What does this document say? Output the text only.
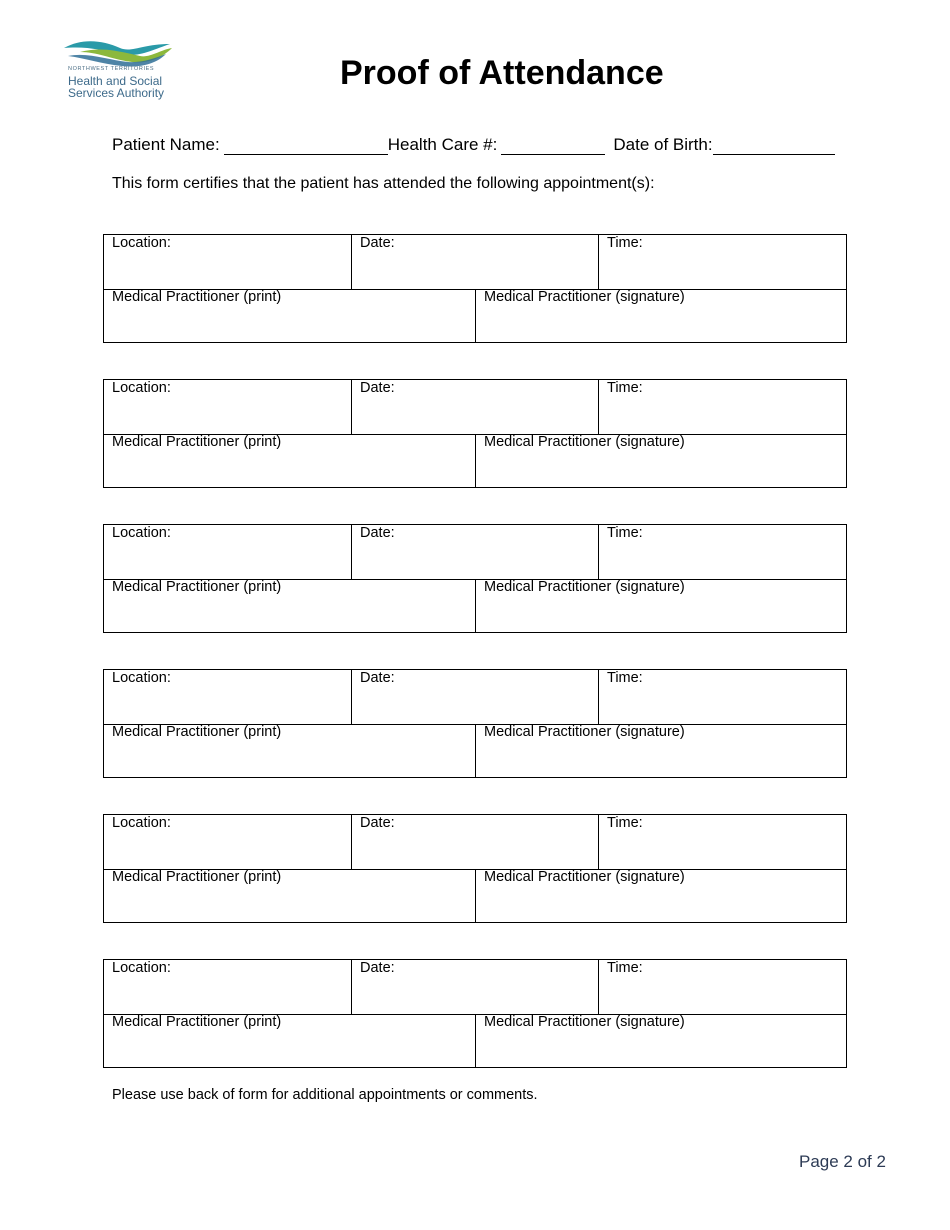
NORTHWEST TERRITORIES
Health and Social
Services Authority
Proof of Attendance
Patient Name:	Health Care #:	Date of Birth:
This form certifies that the patient has attended the following appointment(s):
Location:	Date:	Time:
Medical Practitioner (print)	Medical Practitioner (signature)
Location:	Date:	Time:
Medical Practitioner (print)	Medical Practitioner (signature)
Location:	Date:	Time:
Medical Practitioner (print)	Medical Practitioner (signature)
Location:	Date:	Time:
Medical Practitioner (print)	Medical Practitioner (signature)
Location:	Date:	Time:
Medical Practitioner (print)	Medical Practitioner (signature)
Location:	Date:	Time:
Medical Practitioner (print)	Medical Practitioner (signature)
Please use back of form for additional appointments or comments.
Page 2 of 2
